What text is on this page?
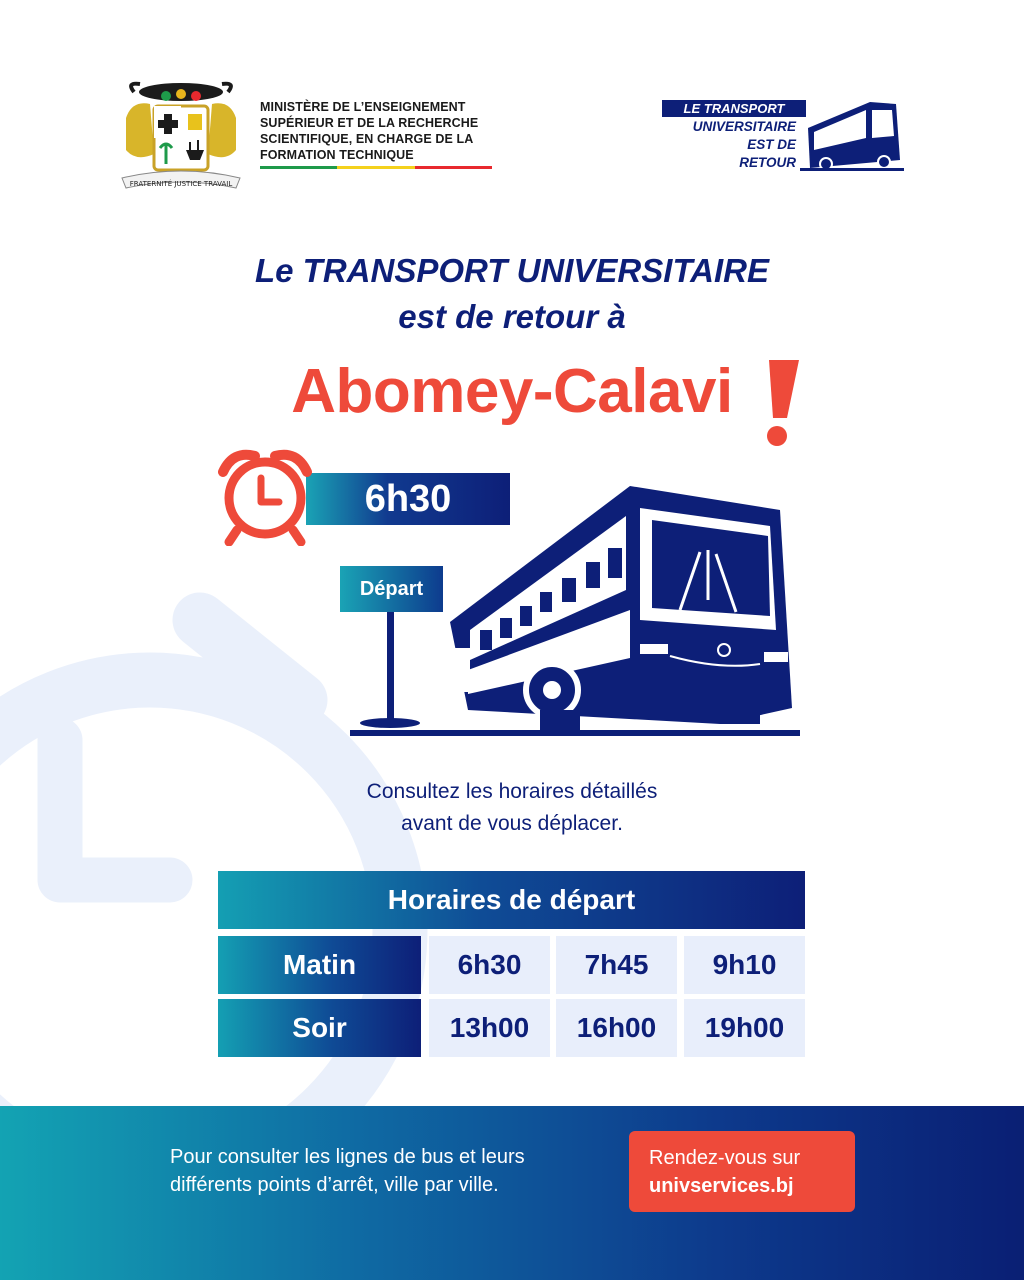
FRATERNITÉ JUSTICE TRAVAIL
MINISTÈRE DE L’ENSEIGNEMENT
SUPÉRIEUR ET DE LA RECHERCHE
SCIENTIFIQUE, EN CHARGE DE LA
FORMATION TECHNIQUE
LE TRANSPORT
UNIVERSITAIRE
EST DE
RETOUR
Le TRANSPORT UNIVERSITAIRE
est de retour à
Abomey-Calavi
Départ
6h30
Consultez les horaires détaillés
avant de vous déplacer.
Horaires de départ
Matin	6h30	7h45	9h10
Soir	13h00	16h00	19h00
Pour consulter les lignes de bus et leurs
différents points d’arrêt, ville par ville.
Rendez-vous sur
univservices.bj
